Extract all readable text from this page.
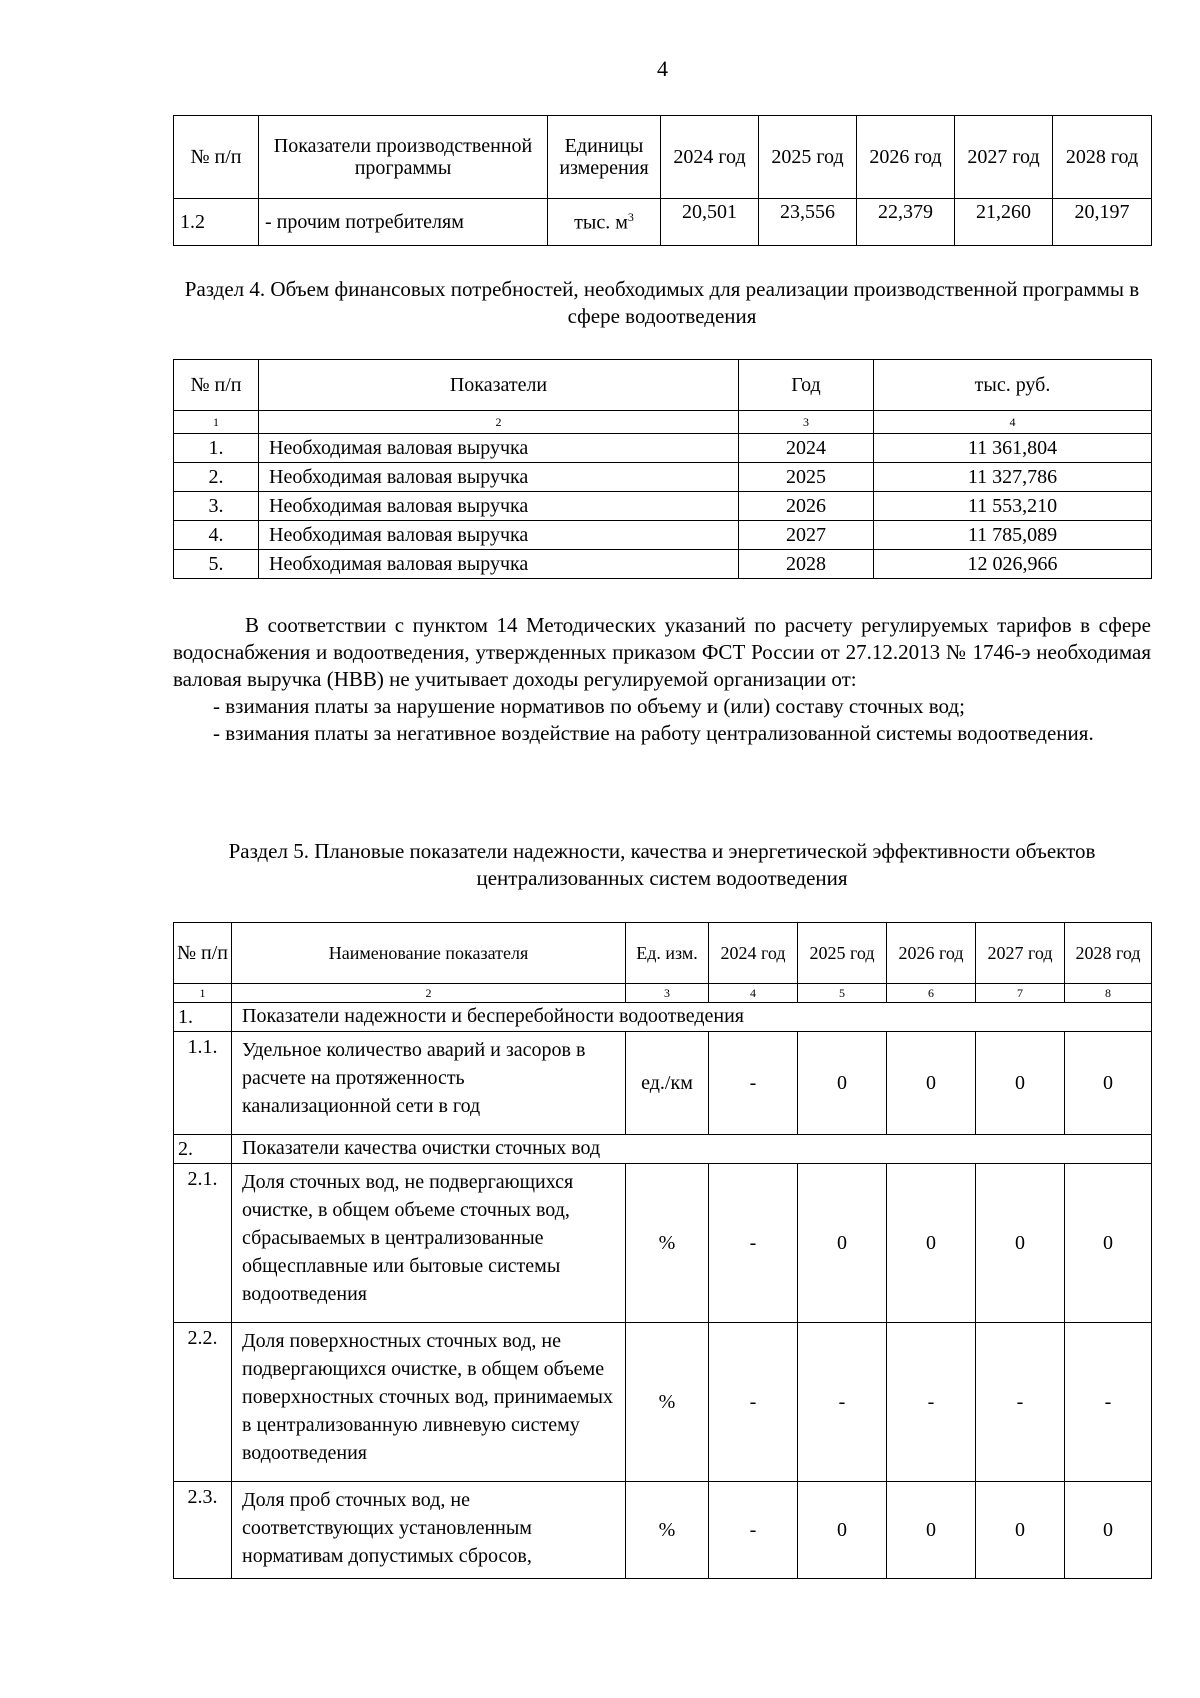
4
№ п/п	Показатели производственной программы	Единицы измерения	2024 год	2025 год	2026 год	2027 год	2028 год
1.2	- прочим потребителям	тыс. $м^3$	20,501	23,556	22,379	21,260	20,197
Раздел 4. Объем финансовых потребностей, необходимых для реализации производственной программы в сфере водоотведения
№ п/п	Показатели	Год	тыс. руб.
1	2	3	4
1.	Необходимая валовая выручка	2024	11 361,804
2.	Необходимая валовая выручка	2025	11 327,786
3.	Необходимая валовая выручка	2026	11 553,210
4.	Необходимая валовая выручка	2027	11 785,089
5.	Необходимая валовая выручка	2028	12 026,966
В соответствии с пунктом 14 Методических указаний по расчету регулируемых тарифов в сфере водоснабжения и водоотведения, утвержденных приказом ФСТ России от 27.12.2013 № 1746-э необходимая валовая выручка (НВВ) не учитывает доходы регулируемой организации от:
- взимания платы за нарушение нормативов по объему и (или) составу сточных вод;
- взимания платы за негативное воздействие на работу централизованной системы водоотведения.
Раздел 5. Плановые показатели надежности, качества и энергетической эффективности объектов централизованных систем водоотведения
№ п/п	Наименование показателя	Ед. изм.	2024 год	2025 год	2026 год	2027 год	2028 год
1	2	3	4	5	6	7	8
1.	Показатели надежности и бесперебойности водоотведения						
1.1.	Удельное количество аварий и засоров в расчете на протяженность канализационной сети в год	ед./км	-	0	0	0	0
2.	Показатели качества очистки сточных вод						
2.1.	Доля сточных вод, не подвергающихся очистке, в общем объеме сточных вод, сбрасываемых в централизованные общесплавные или бытовые системы водоотведения	%	-	0	0	0	0
2.2.	Доля поверхностных сточных вод, не подвергающихся очистке, в общем объеме поверхностных сточных вод, принимаемых в централизованную ливневую систему водоотведения	%	-	-	-	-	-
2.3.	Доля проб сточных вод, не соответствующих установленным нормативам допустимых сбросов,	%	-	0	0	0	0
